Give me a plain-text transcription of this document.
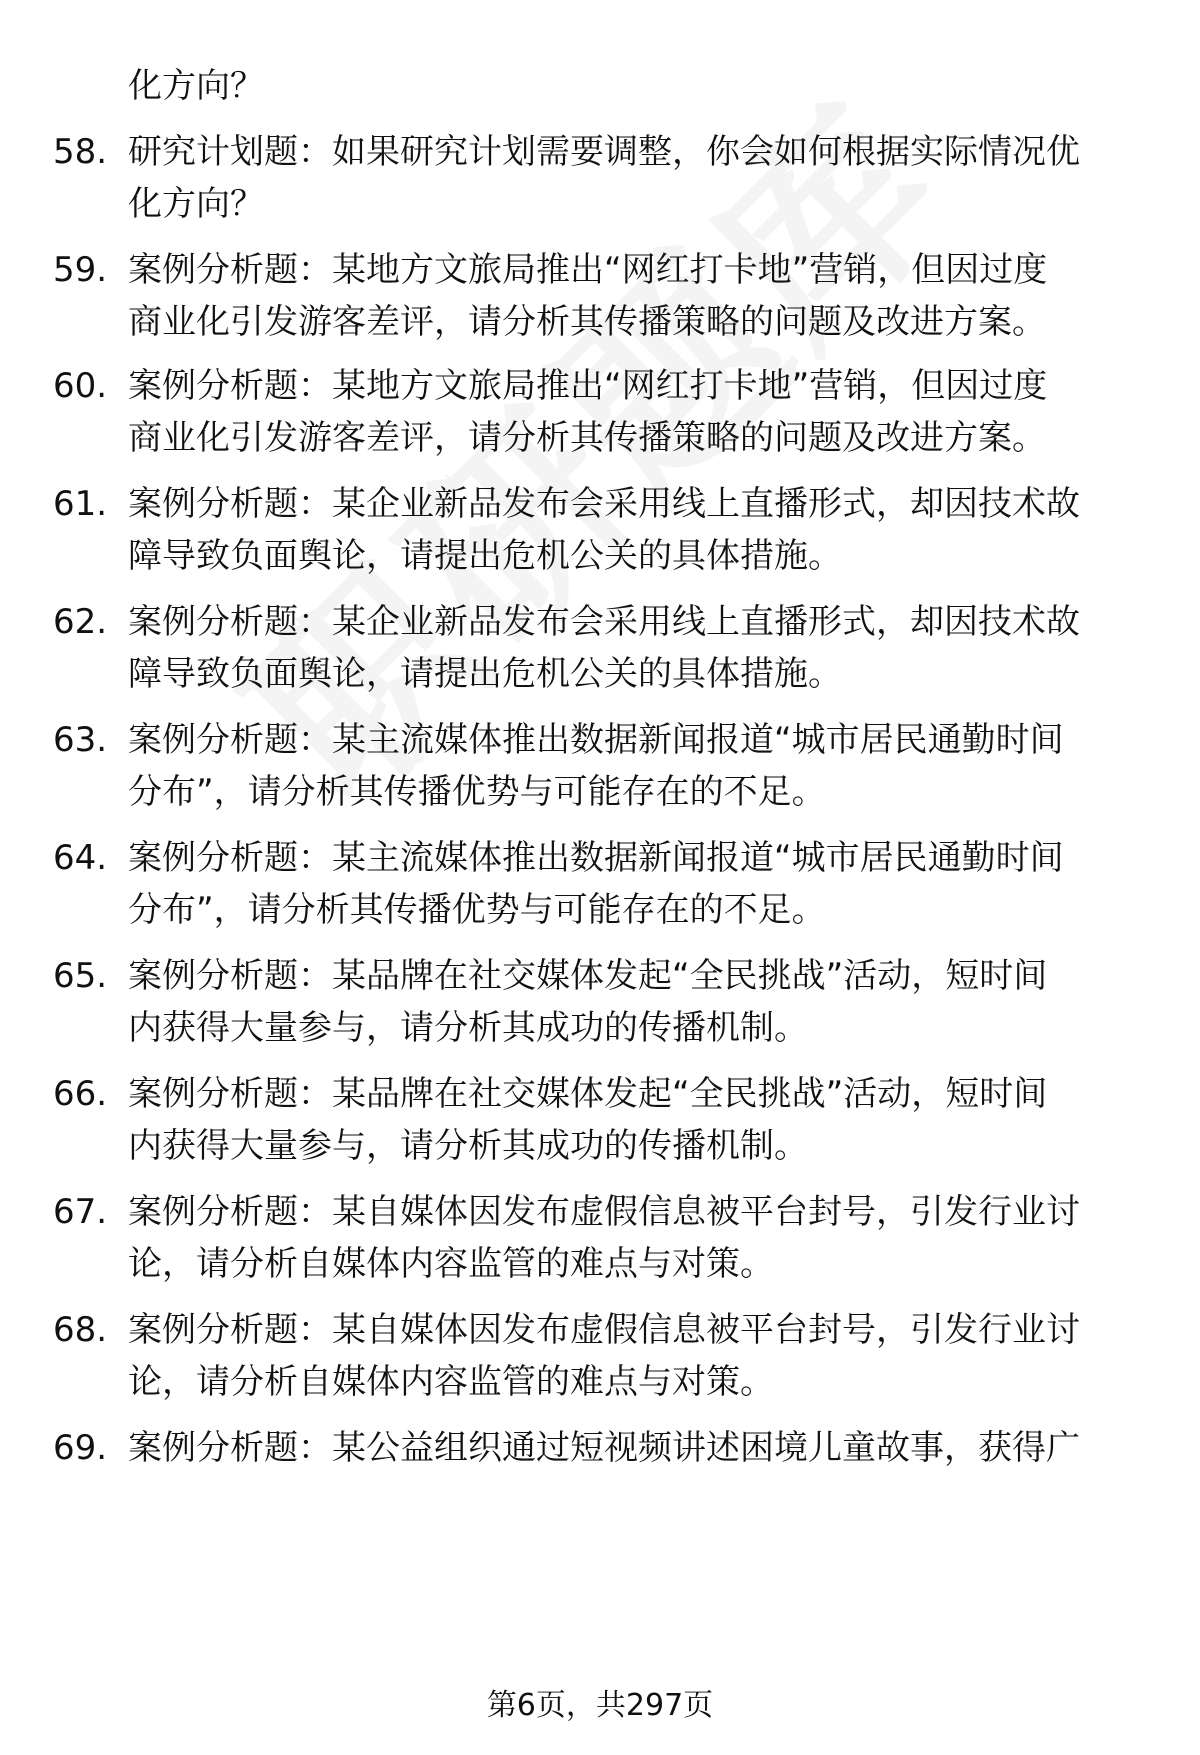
化方向？
58. 研究计划题：如果研究计划需要调整，你会如何根据实际情况优
化方向？
59. 案例分析题：某地方文旅局推出“网红打卡地”营销，但因过度
商业化引发游客差评，请分析其传播策略的问题及改进方案。
60. 案例分析题：某地方文旅局推出“网红打卡地”营销，但因过度
商业化引发游客差评，请分析其传播策略的问题及改进方案。
61. 案例分析题：某企业新品发布会采用线上直播形式，却因技术故
障导致负面舆论，请提出危机公关的具体措施。
62. 案例分析题：某企业新品发布会采用线上直播形式，却因技术故
障导致负面舆论，请提出危机公关的具体措施。
63. 案例分析题：某主流媒体推出数据新闻报道“城市居民通勤时间
分布”，请分析其传播优势与可能存在的不足。
64. 案例分析题：某主流媒体推出数据新闻报道“城市居民通勤时间
分布”，请分析其传播优势与可能存在的不足。
65. 案例分析题：某品牌在社交媒体发起“全民挑战”活动，短时间
内获得大量参与，请分析其成功的传播机制。
66. 案例分析题：某品牌在社交媒体发起“全民挑战”活动，短时间
内获得大量参与，请分析其成功的传播机制。
67. 案例分析题：某自媒体因发布虚假信息被平台封号，引发行业讨
论，请分析自媒体内容监管的难点与对策。
68. 案例分析题：某自媒体因发布虚假信息被平台封号，引发行业讨
论，请分析自媒体内容监管的难点与对策。
69. 案例分析题：某公益组织通过短视频讲述困境儿童故事，获得广
第6页，共297页
